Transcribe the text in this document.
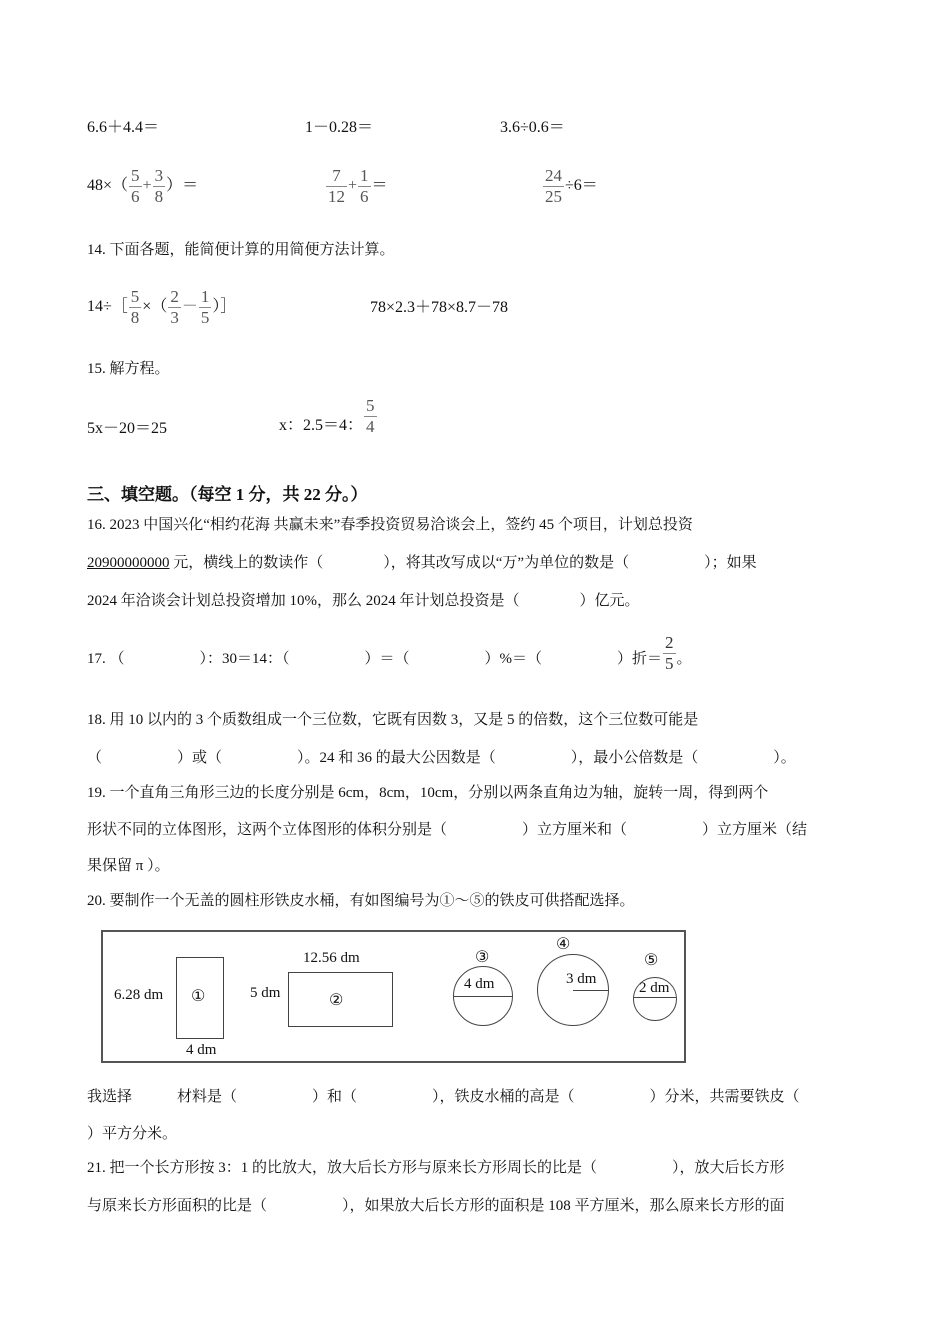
6.6＋4.4＝	1－0.28＝	3.6÷0.6＝
$48\times( \frac{5}{6} + \frac{3}{8}$ ）＝	$\frac{7}{12} + \frac{1}{6}$ ＝	$\frac{24}{25} \div 6=$
14. 下面各题，能简便计算的用简便方法计算。
14÷［ $\frac{5}{8}$ ×（ $\frac{2}{3} - \frac{1}{5}$ ）］	78×2.3＋78×8.7－78
15. 解方程。
5x－20＝25	x：2.5＝4： $\frac{5}{4}$
三、填空题。（每空 1 分，共 22 分。）
16. 2023 中国兴化“相约花海 共赢未来”春季投资贸易洽谈会上，签约 45 个项目，计划总投资
20900000000 元，横线上的数读作（　　　　），将其改写成以“万”为单位的数是（　　　　　）；如果
2024 年洽谈会计划总投资增加 10%，那么 2024 年计划总投资是（　　　　）亿元。
17. （　　　　　）：30＝14：（　　　　　）＝（　　　　　）%＝（　　　　　）折＝ $\frac{2}{5}$ 。
18. 用 10 以内的 3 个质数组成一个三位数，它既有因数 3，又是 5 的倍数，这个三位数可能是
（　　　　　）或（　　　　　）。24 和 36 的最大公因数是（　　　　　），最小公倍数是（　　　　　）。
19. 一个直角三角形三边的长度分别是 6cm，8cm，10cm，分别以两条直角边为轴，旋转一周，得到两个
形状不同的立体图形，这两个立体图形的体积分别是（　　　　　）立方厘米和（　　　　　）立方厘米（结
果保留 π ）。
20. 要制作一个无盖的圆柱形铁皮水桶，有如图编号为①～⑤的铁皮可供搭配选择。
①
6.28 dm
4 dm
②
5 dm
12.56 dm	③
4 dm
④
3 dm
⑤
2 dm
我选择　　　材料是（　　　　　）和（　　　　　），铁皮水桶的高是（　　　　　）分米，共需要铁皮（
）平方分米。
21. 把一个长方形按 3：1 的比放大，放大后长方形与原来长方形周长的比是（　　　　　），放大后长方形
与原来长方形面积的比是（　　　　　），如果放大后长方形的面积是 108 平方厘米，那么原来长方形的面
